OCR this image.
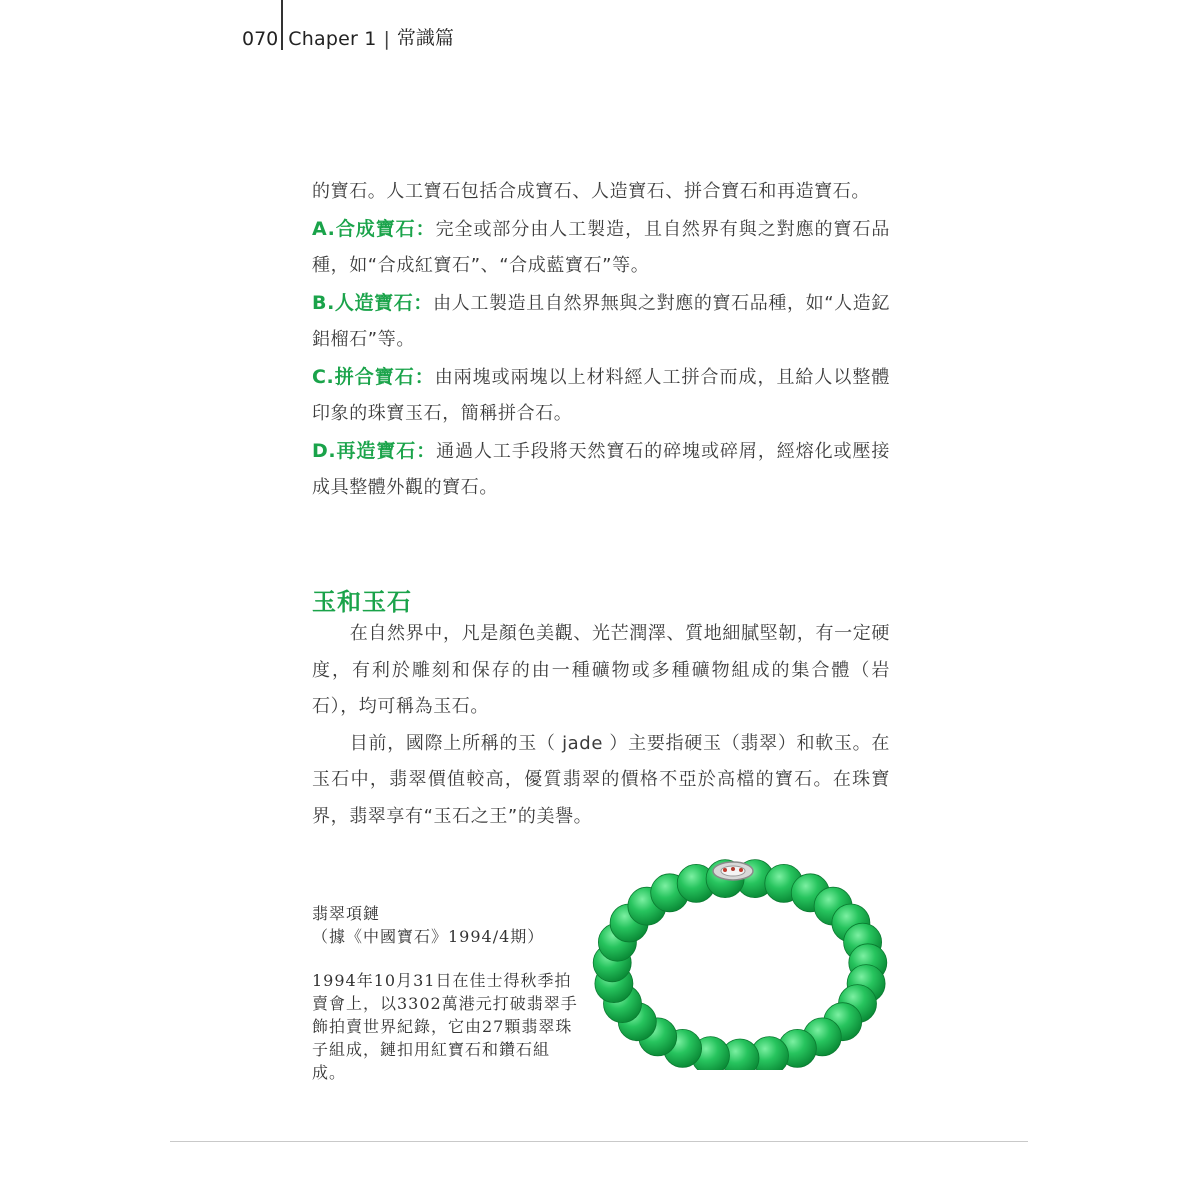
070 Chaper 1 | 常識篇

的寶石。人工寶石包括合成寶石、人造寶石、拼合寶石和再造寶石。

A.合成寶石：完全或部分由人工製造，且自然界有與之對應的寶石品種，如“合成紅寶石”、“合成藍寶石”等。

B.人造寶石：由人工製造且自然界無與之對應的寶石品種，如“人造釔鋁榴石”等。

C.拼合寶石：由兩塊或兩塊以上材料經人工拼合而成，且給人以整體印象的珠寶玉石，簡稱拼合石。

D.再造寶石：通過人工手段將天然寶石的碎塊或碎屑，經熔化或壓接成具整體外觀的寶石。

玉和玉石

在自然界中，凡是顏色美觀、光芒潤澤、質地細膩堅韌，有一定硬度，有利於雕刻和保存的由一種礦物或多種礦物組成的集合體（岩石），均可稱為玉石。

目前，國際上所稱的玉（ jade ）主要指硬玉（翡翠）和軟玉。在玉石中，翡翠價值較高，優質翡翠的價格不亞於高檔的寶石。在珠寶界，翡翠享有“玉石之王”的美譽。

翡翠項鏈

（據《中國寶石》1994/4期）

1994年10月31日在佳士得秋季拍賣會上，以3302萬港元打破翡翠手飾拍賣世界紀錄，它由27顆翡翠珠子組成，鏈扣用紅寶石和鑽石組成。
